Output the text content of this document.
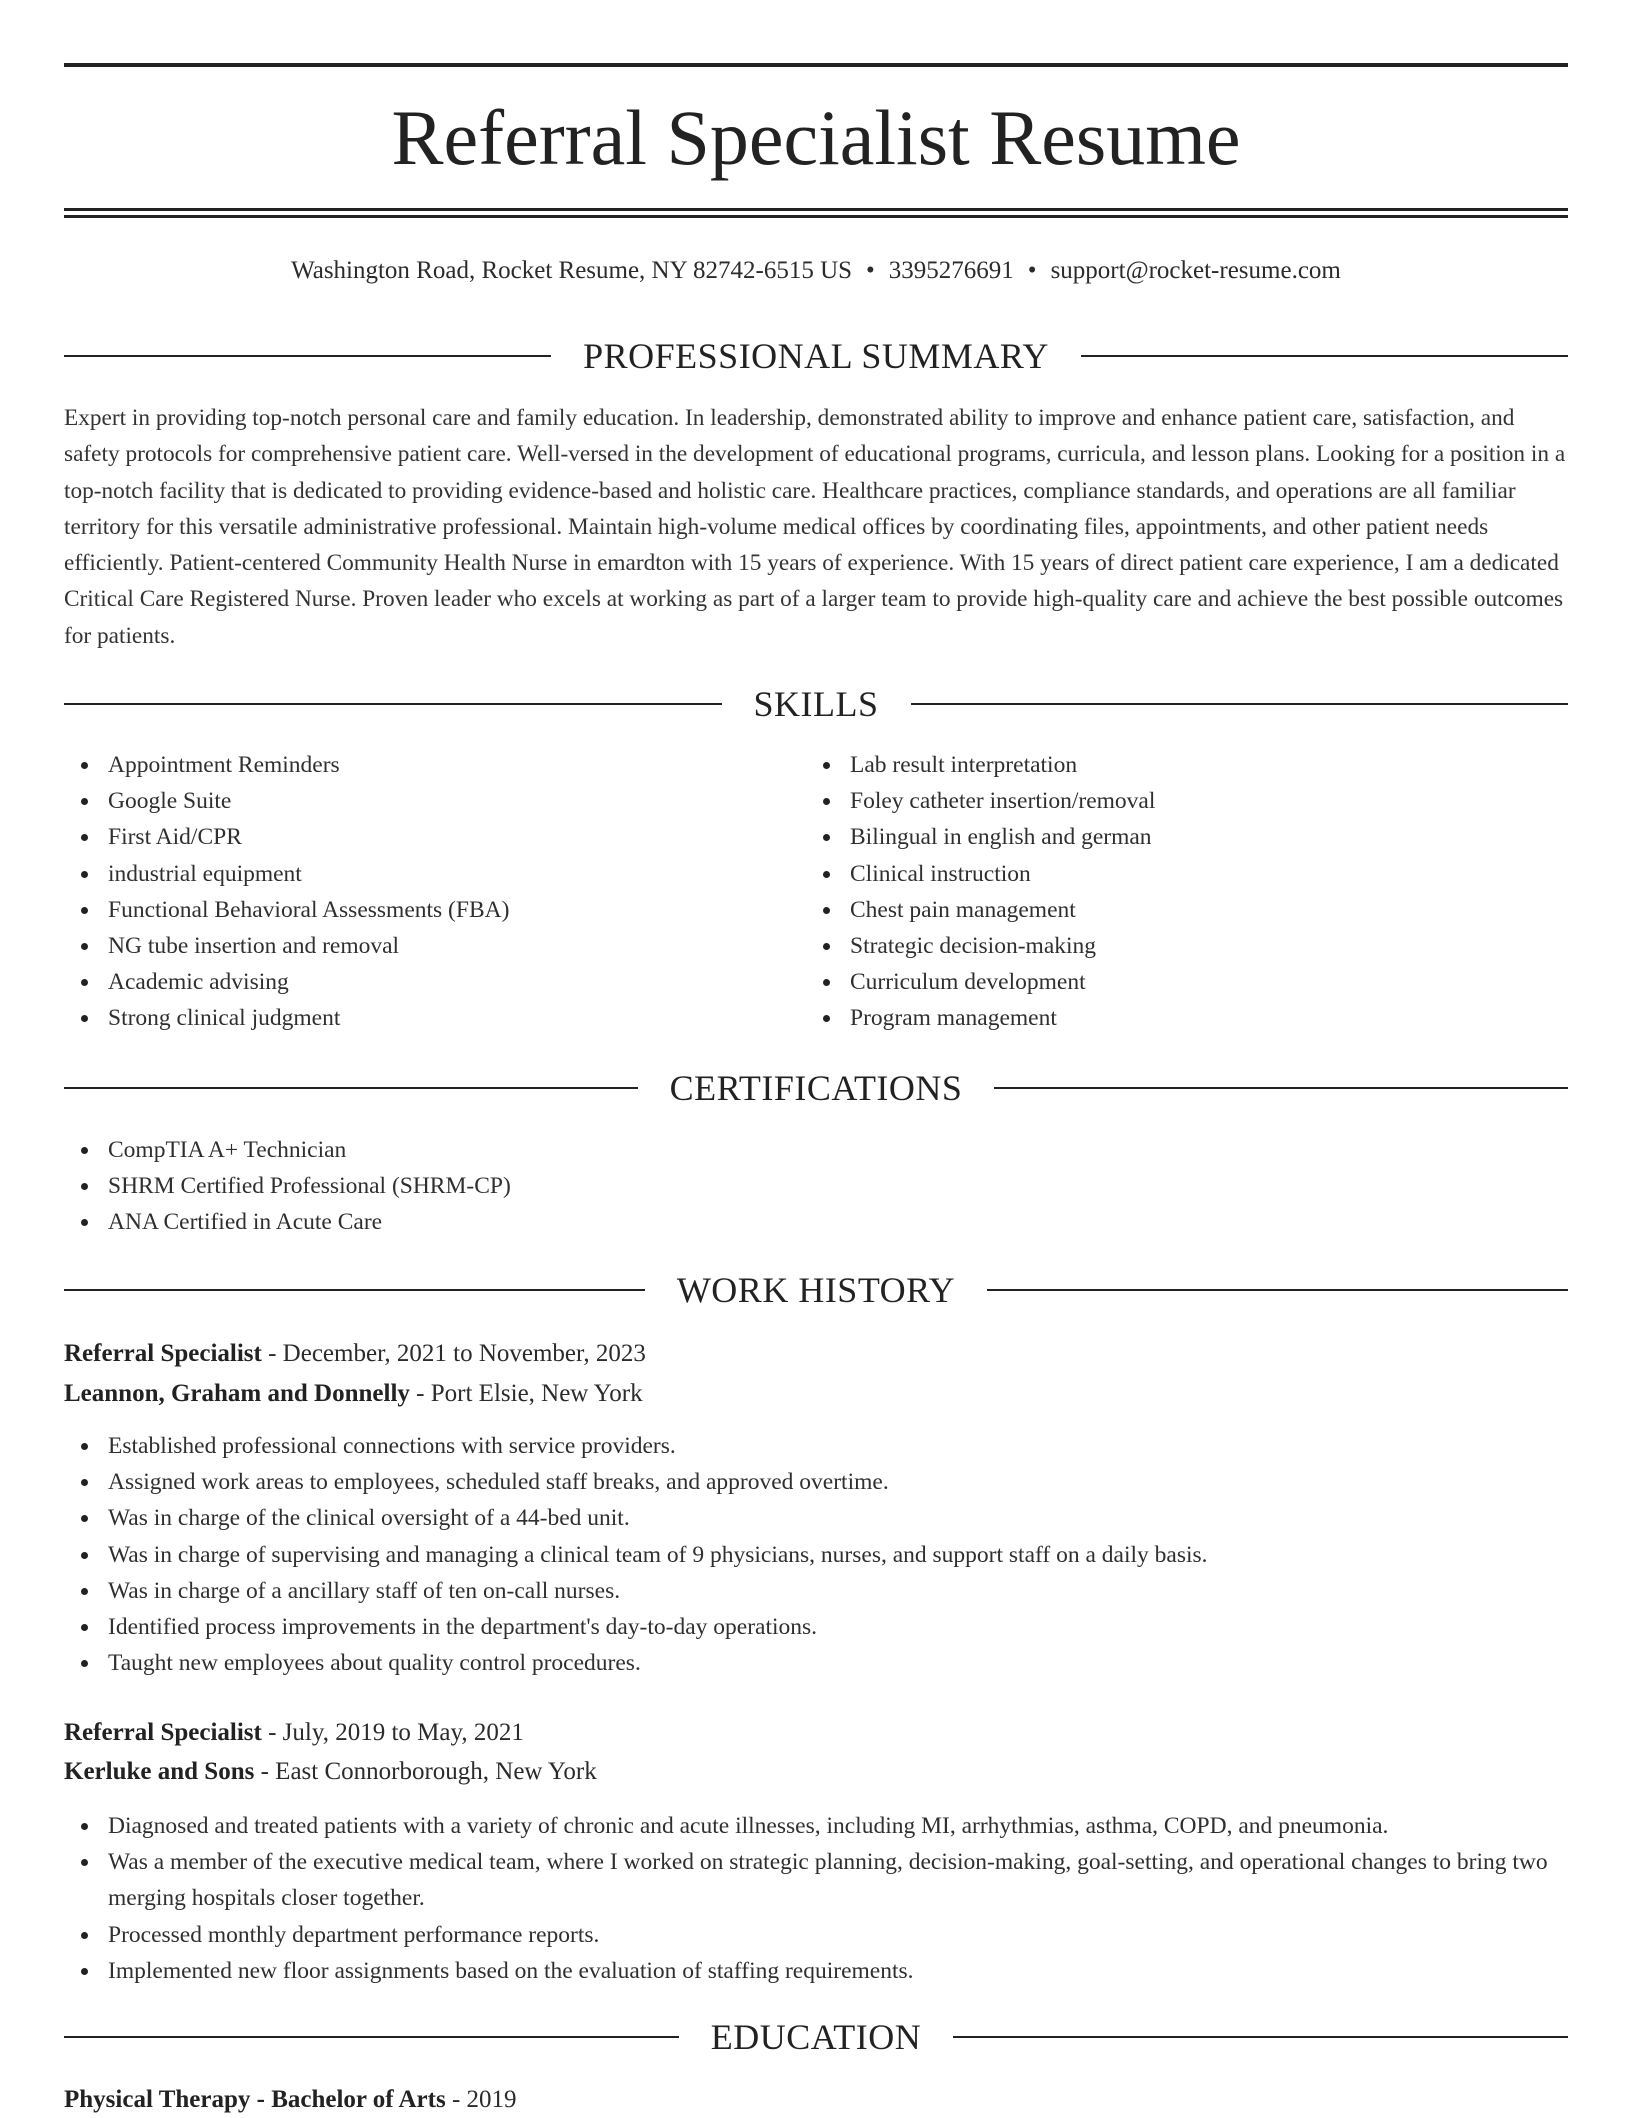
Referral Specialist Resume
Washington Road, Rocket Resume, NY 82742-6515 US • 3395276691 • support@rocket-resume.com
PROFESSIONAL SUMMARY

Expert in providing top-notch personal care and family education. In leadership, demonstrated ability to improve and enhance patient care, satisfaction, and safety protocols for comprehensive patient care. Well-versed in the development of educational programs, curricula, and lesson plans. Looking for a position in a top-notch facility that is dedicated to providing evidence-based and holistic care. Healthcare practices, compliance standards, and operations are all familiar territory for this versatile administrative professional. Maintain high-volume medical offices by coordinating files, appointments, and other patient needs efficiently. Patient-centered Community Health Nurse in emardton with 15 years of experience. With 15 years of direct patient care experience, I am a dedicated Critical Care Registered Nurse. Proven leader who excels at working as part of a larger team to provide high-quality care and achieve the best possible outcomes for patients.

SKILLS
Appointment Reminders
Google Suite
First Aid/CPR
industrial equipment
Functional Behavioral Assessments (FBA)
NG tube insertion and removal
Academic advising
Strong clinical judgment
Lab result interpretation
Foley catheter insertion/removal
Bilingual in english and german
Clinical instruction
Chest pain management
Strategic decision-making
Curriculum development
Program management
CERTIFICATIONS
CompTIA A+ Technician
SHRM Certified Professional (SHRM-CP)
ANA Certified in Acute Care
WORK HISTORY
Referral Specialist - December, 2021 to November, 2023
Leannon, Graham and Donnelly - Port Elsie, New York
Established professional connections with service providers.
Assigned work areas to employees, scheduled staff breaks, and approved overtime.
Was in charge of the clinical oversight of a 44-bed unit.
Was in charge of supervising and managing a clinical team of 9 physicians, nurses, and support staff on a daily basis.
Was in charge of a ancillary staff of ten on-call nurses.
Identified process improvements in the department's day-to-day operations.
Taught new employees about quality control procedures.
Referral Specialist - July, 2019 to May, 2021
Kerluke and Sons - East Connorborough, New York
Diagnosed and treated patients with a variety of chronic and acute illnesses, including MI, arrhythmias, asthma, COPD, and pneumonia.
Was a member of the executive medical team, where I worked on strategic planning, decision-making, goal-setting, and operational changes to bring two merging hospitals closer together.
Processed monthly department performance reports.
Implemented new floor assignments based on the evaluation of staffing requirements.
EDUCATION
Physical Therapy - Bachelor of Arts - 2019
